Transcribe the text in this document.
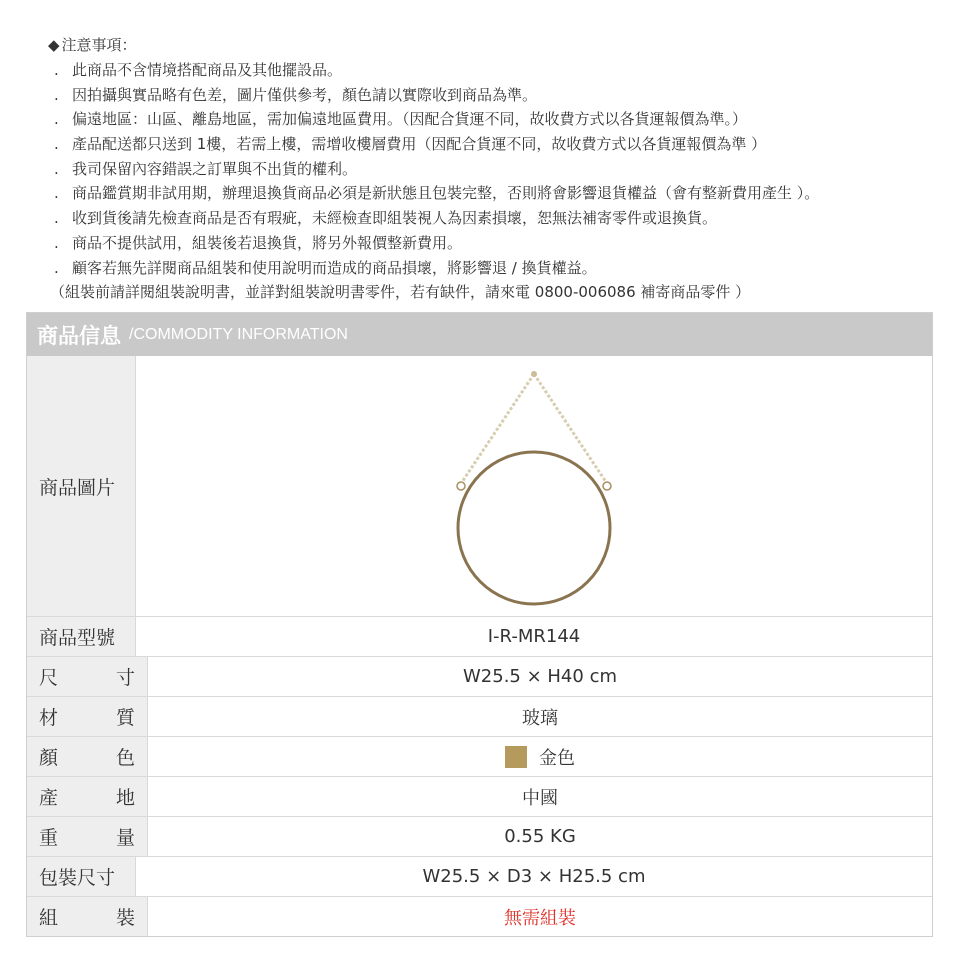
◆ 注意事項：
. 此商品不含情境搭配商品及其他擺設品。
. 因拍攝與實品略有色差，圖片僅供參考，顏色請以實際收到商品為準。
. 偏遠地區：山區、離島地區，需加偏遠地區費用。（因配合貨運不同，故收費方式以各貨運報價為準。）
. 產品配送都只送到 1樓，若需上樓，需增收樓層費用（因配合貨運不同，故收費方式以各貨運報價為準 ）
. 我司保留內容錯誤之訂單與不出貨的權利。
. 商品鑑賞期非試用期，辦理退換貨商品必須是新狀態且包裝完整，否則將會影響退貨權益（會有整新費用產生 ）。
. 收到貨後請先檢查商品是否有瑕疵，未經檢查即組裝視人為因素損壞，恕無法補寄零件或退換貨。
. 商品不提供試用，組裝後若退換貨，將另外報價整新費用。
. 顧客若無先詳閱商品組裝和使用說明而造成的商品損壞，將影響退 / 換貨權益。
（組裝前請詳閱組裝說明書，並詳對組裝說明書零件，若有缺件，請來電 0800-006086 補寄商品零件 ）
商品信息 /COMMODITY INFORMATION
商品圖片
商品型號	I-R-MR144
尺	寸	W25.5 × H40 cm
材	質	玻璃
顏	色	金色
產	地	中國
重	量	0.55 KG
包裝尺寸	W25.5 × D3 × H25.5 cm
組	裝	無需組裝
